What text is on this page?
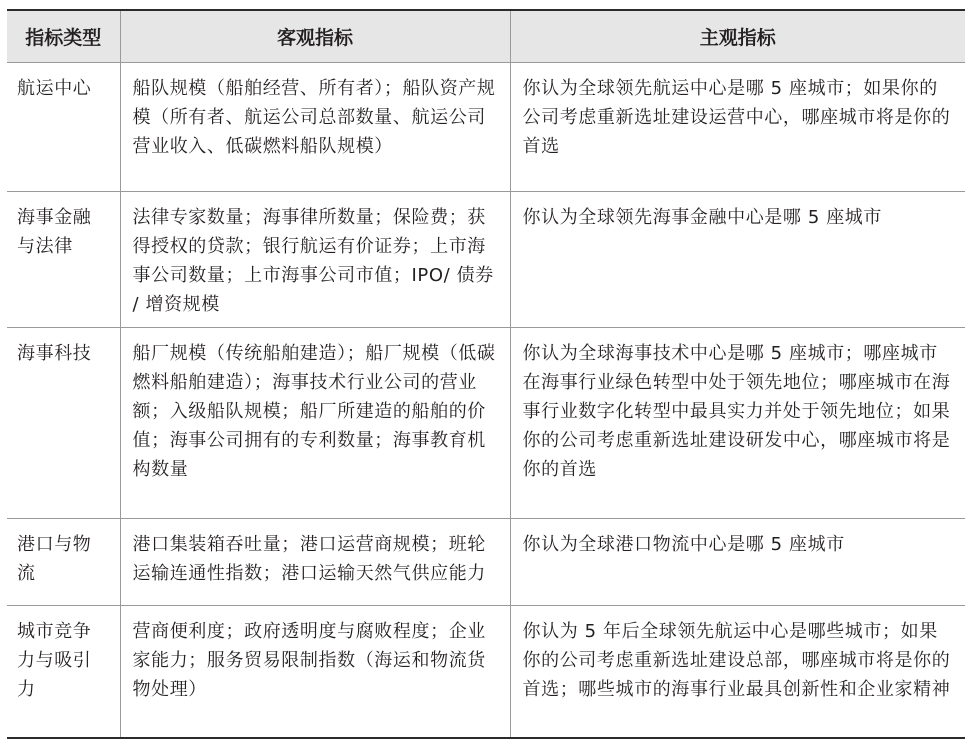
指标类型	客观指标	主观指标
航运中心	船队规模（船舶经营、所有者）；船队资产规模（所有者、航运公司总部数量、航运公司营业收入、低碳燃料船队规模）	你认为全球领先航运中心是哪 5 座城市；如果你的公司考虑重新选址建设运营中心，哪座城市将是你的首选
海事金融与法律	法律专家数量；海事律所数量；保险费；获得授权的贷款；银行航运有价证券；上市海事公司数量；上市海事公司市值；IPO/ 债券 / 增资规模	你认为全球领先海事金融中心是哪 5 座城市
海事科技	船厂规模（传统船舶建造）；船厂规模（低碳燃料船舶建造）；海事技术行业公司的营业额；入级船队规模；船厂所建造的船舶的价值；海事公司拥有的专利数量；海事教育机构数量	你认为全球海事技术中心是哪 5 座城市；哪座城市在海事行业绿色转型中处于领先地位；哪座城市在海事行业数字化转型中最具实力并处于领先地位；如果你的公司考虑重新选址建设研发中心，哪座城市将是你的首选
港口与物流	港口集装箱吞吐量；港口运营商规模；班轮运输连通性指数；港口运输天然气供应能力	你认为全球港口物流中心是哪 5 座城市
城市竞争力与吸引力	营商便利度；政府透明度与腐败程度；企业家能力；服务贸易限制指数（海运和物流货物处理）	你认为 5 年后全球领先航运中心是哪些城市；如果你的公司考虑重新选址建设总部，哪座城市将是你的首选；哪些城市的海事行业最具创新性和企业家精神
